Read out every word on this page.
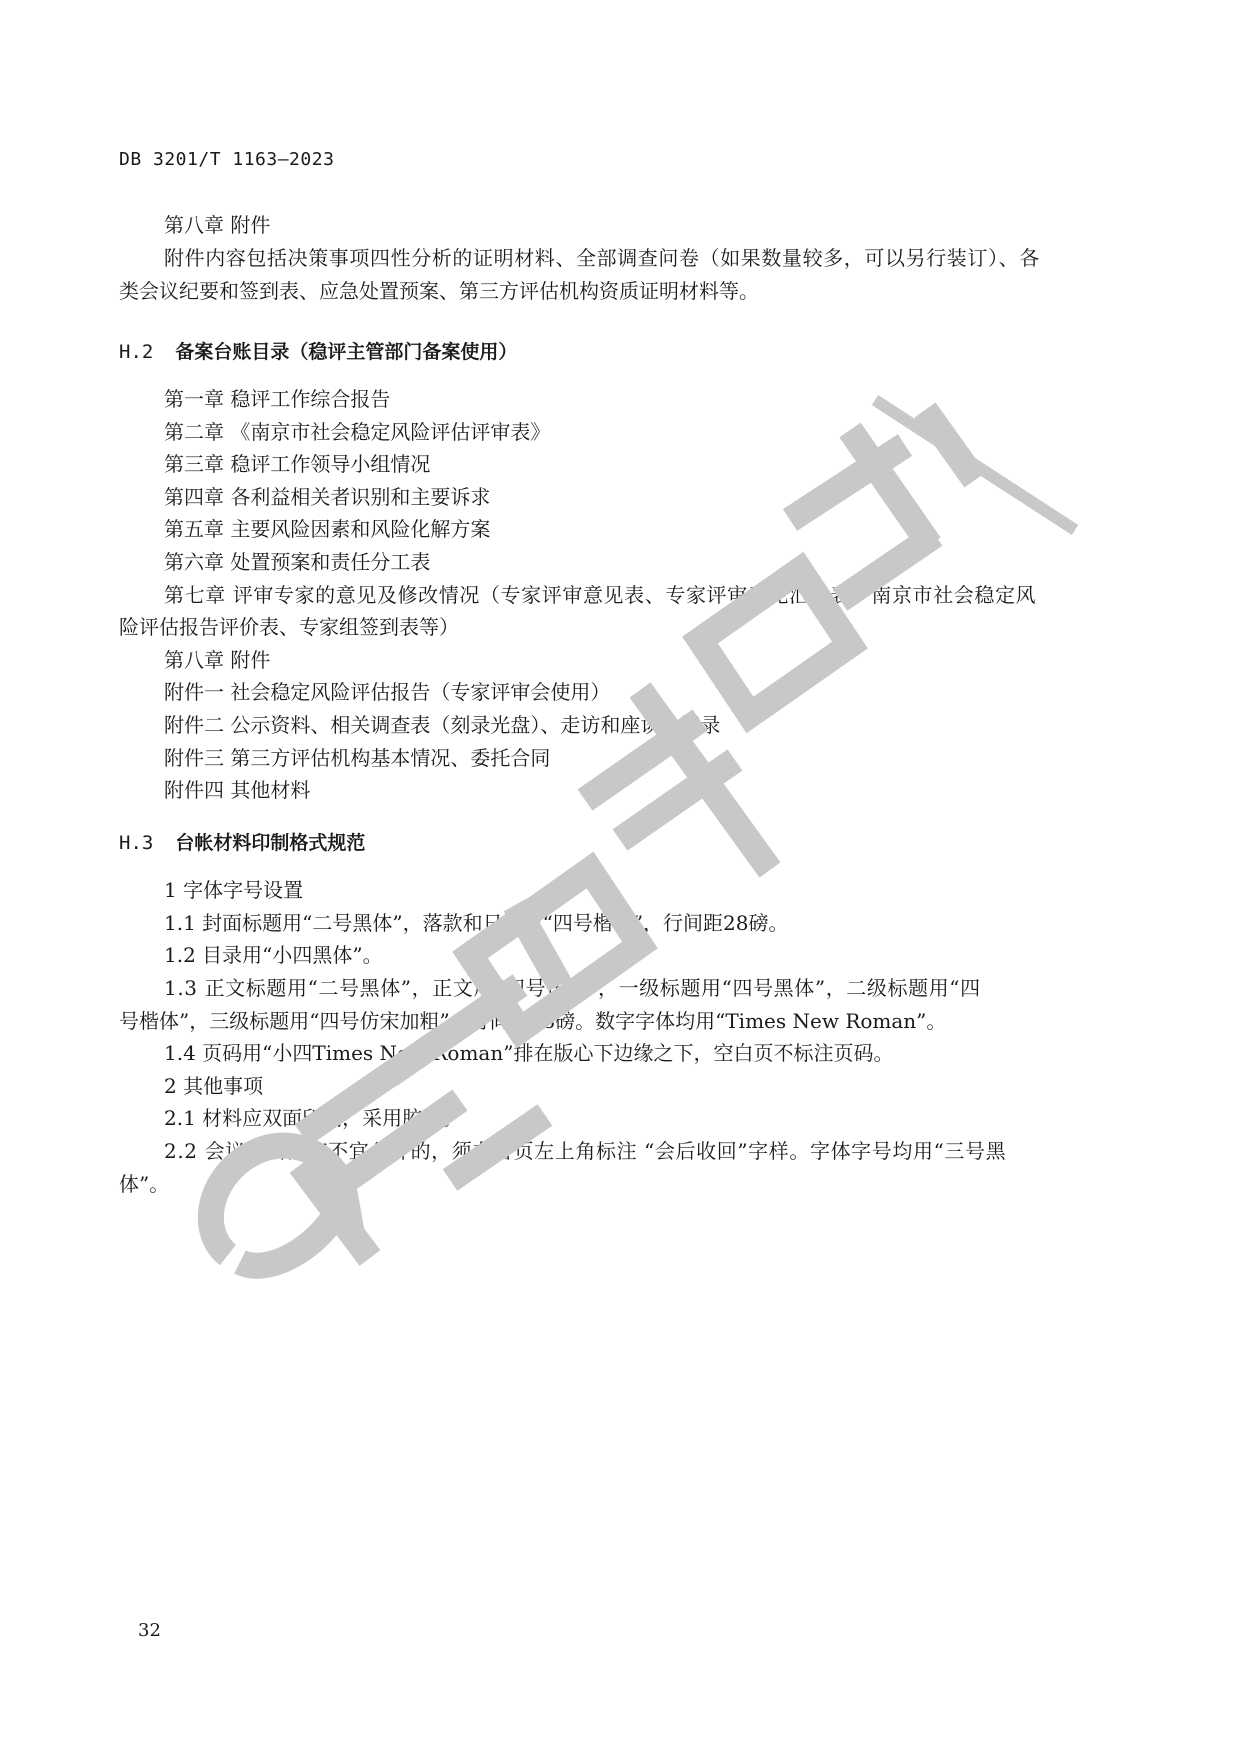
DB 3201/T 1163—2023
第八章 附件
附件内容包括决策事项四性分析的证明材料、全部调查问卷（如果数量较多，可以另行装订）、各
类会议纪要和签到表、应急处置预案、第三方评估机构资质证明材料等。
H.2 备案台账目录（稳评主管部门备案使用）
第一章 稳评工作综合报告
第二章 《南京市社会稳定风险评估评审表》
第三章 稳评工作领导小组情况
第四章 各利益相关者识别和主要诉求
第五章 主要风险因素和风险化解方案
第六章 处置预案和责任分工表
第七章 评审专家的意见及修改情况（专家评审意见表、专家评审意见汇总表、南京市社会稳定风
险评估报告评价表、专家组签到表等）
第八章 附件
附件一 社会稳定风险评估报告（专家评审会使用）
附件二 公示资料、相关调查表（刻录光盘）、走访和座谈会记录
附件三 第三方评估机构基本情况、委托合同
附件四 其他材料
H.3 台帐材料印制格式规范
1 字体字号设置
1.1 封面标题用“二号黑体”，落款和日期用“四号楷体”，行间距28磅。
1.2 目录用“小四黑体”。
1.3 正文标题用“二号黑体”，正文用“四号仿宋”，一级标题用“四号黑体”，二级标题用“四
号楷体”，三级标题用“四号仿宋加粗”，行间距28磅。数字字体均用“Times New Roman”。
1.4 页码用“小四Times New Roman”排在版心下边缘之下，空白页不标注页码。
2 其他事项
2.1 材料应双面印刷，采用胶装。
2.2 会议材料内容不宜公开的，须在首页左上角标注 “会后收回”字样。字体字号均用“三号黑
体”。
32
